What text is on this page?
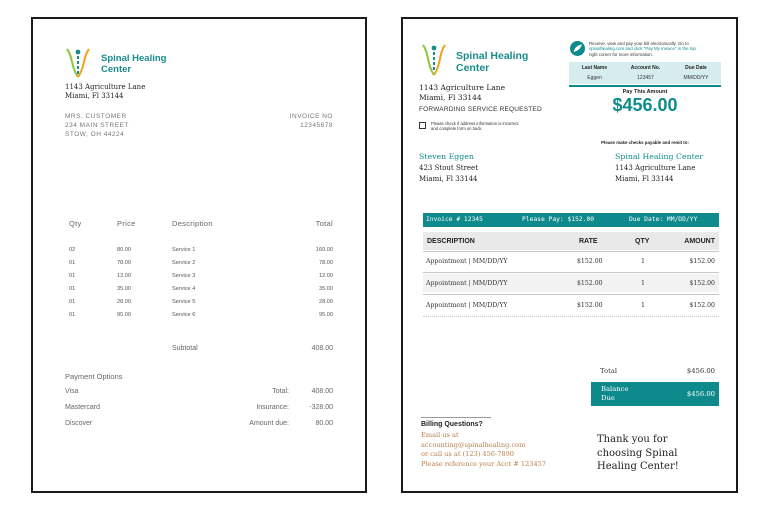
Spinal Healing
Center
1143 Agriculture Lane
Miami, Fl 33144
MRS. CUSTOMER
234 MAIN STREET
STOW, OH 44224
INVOICE NO
12345678
Qty	Price	Description	Total
02	80.00	Service 1	160.00
01	78.00	Service 2	78.00
01	12.00	Service 3	12.00
01	35.00	Service 4	35.00
01	28.00	Service 5	28.00
01	95.00	Service 6	95.00
Subtotal	408.00
Payment Options
Visa
Mastercard
Discover
Total:	408.00
Insurance:	-328.00
Amount due:	80.00
Spinal Healing
Center
1143 Agriculture Lane
Miami, Fl 33144
FORWARDING SERVICE REQUESTED
Please check if address information is incorrect
and complete form on back.
Receive, view and pay your bill electronically. Go to
spinalhealing.com and click "Pay My Invoice" in the top
right corner for more information.
Last Name	Account No.	Due Date
Eggen	123457	MM/DD/YY
Pay This Amount
$456.00
Please make checks payable and remit to:
Steven Eggen
423 Stout Street
Miami, Fl 33144
Spinal Healing Center
1143 Agriculture Lane
Miami, Fl 33144
Invoice # 12345	Please Pay: $152.00	Due Date: MM/DD/YY
DESCRIPTION	RATE	QTY	AMOUNT
Appointment | MM/DD/YY	$152.00	1	$152.00
Appointment | MM/DD/YY	$152.00	1	$152.00
Appointment | MM/DD/YY	$152.00	1	$152.00
Total	$456.00
Balance
Due	$456.00
Billing Questions?
Email us at
accounting@spinalhealing.com
or call us at (123) 456-7890
Please reference your Acct # 123457
Thank you for
choosing Spinal
Healing Center!
